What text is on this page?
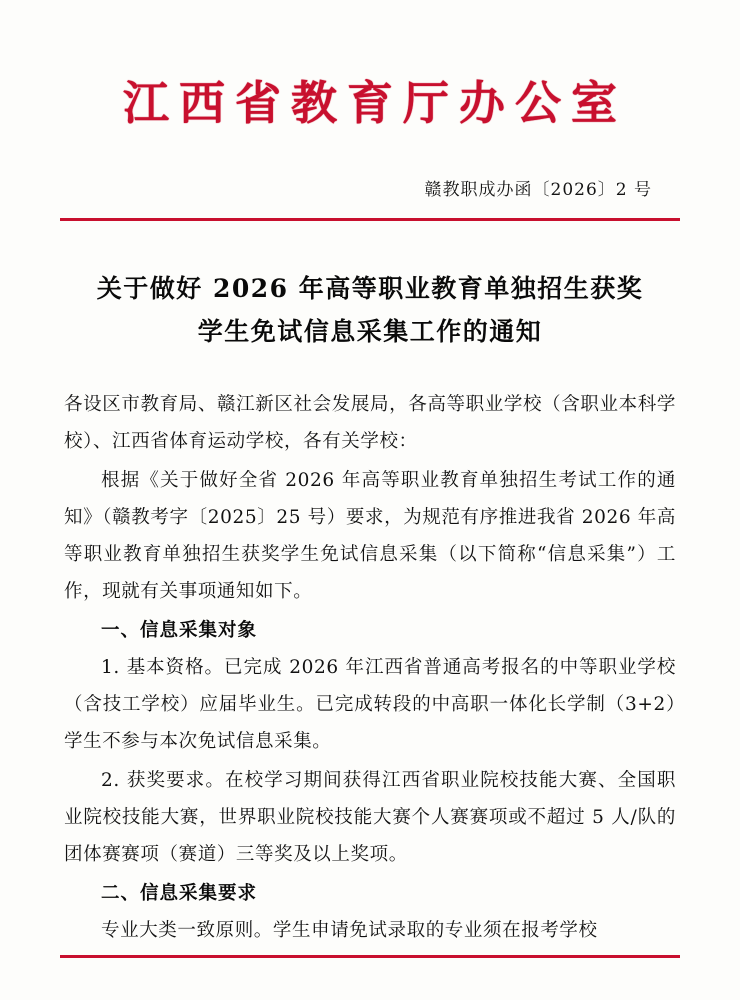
江西省教育厅办公室
赣教职成办函〔2026〕2 号
关于做好 2026 年高等职业教育单独招生获奖
学生免试信息采集工作的通知

各设区市教育局、赣江新区社会发展局，各高等职业学校（含职业本科学校）、江西省体育运动学校，各有关学校：

根据《关于做好全省 2026 年高等职业教育单独招生考试工作的通知》（赣教考字〔2025〕25 号）要求，为规范有序推进我省 2026 年高等职业教育单独招生获奖学生免试信息采集（以下简称“信息采集”）工作，现就有关事项通知如下。

一、信息采集对象

1. 基本资格。已完成 2026 年江西省普通高考报名的中等职业学校（含技工学校）应届毕业生。已完成转段的中高职一体化长学制（3+2）学生不参与本次免试信息采集。

2. 获奖要求。在校学习期间获得江西省职业院校技能大赛、全国职业院校技能大赛，世界职业院校技能大赛个人赛赛项或不超过 5 人/队的团体赛赛项（赛道）三等奖及以上奖项。

二、信息采集要求

专业大类一致原则。学生申请免试录取的专业须在报考学校
